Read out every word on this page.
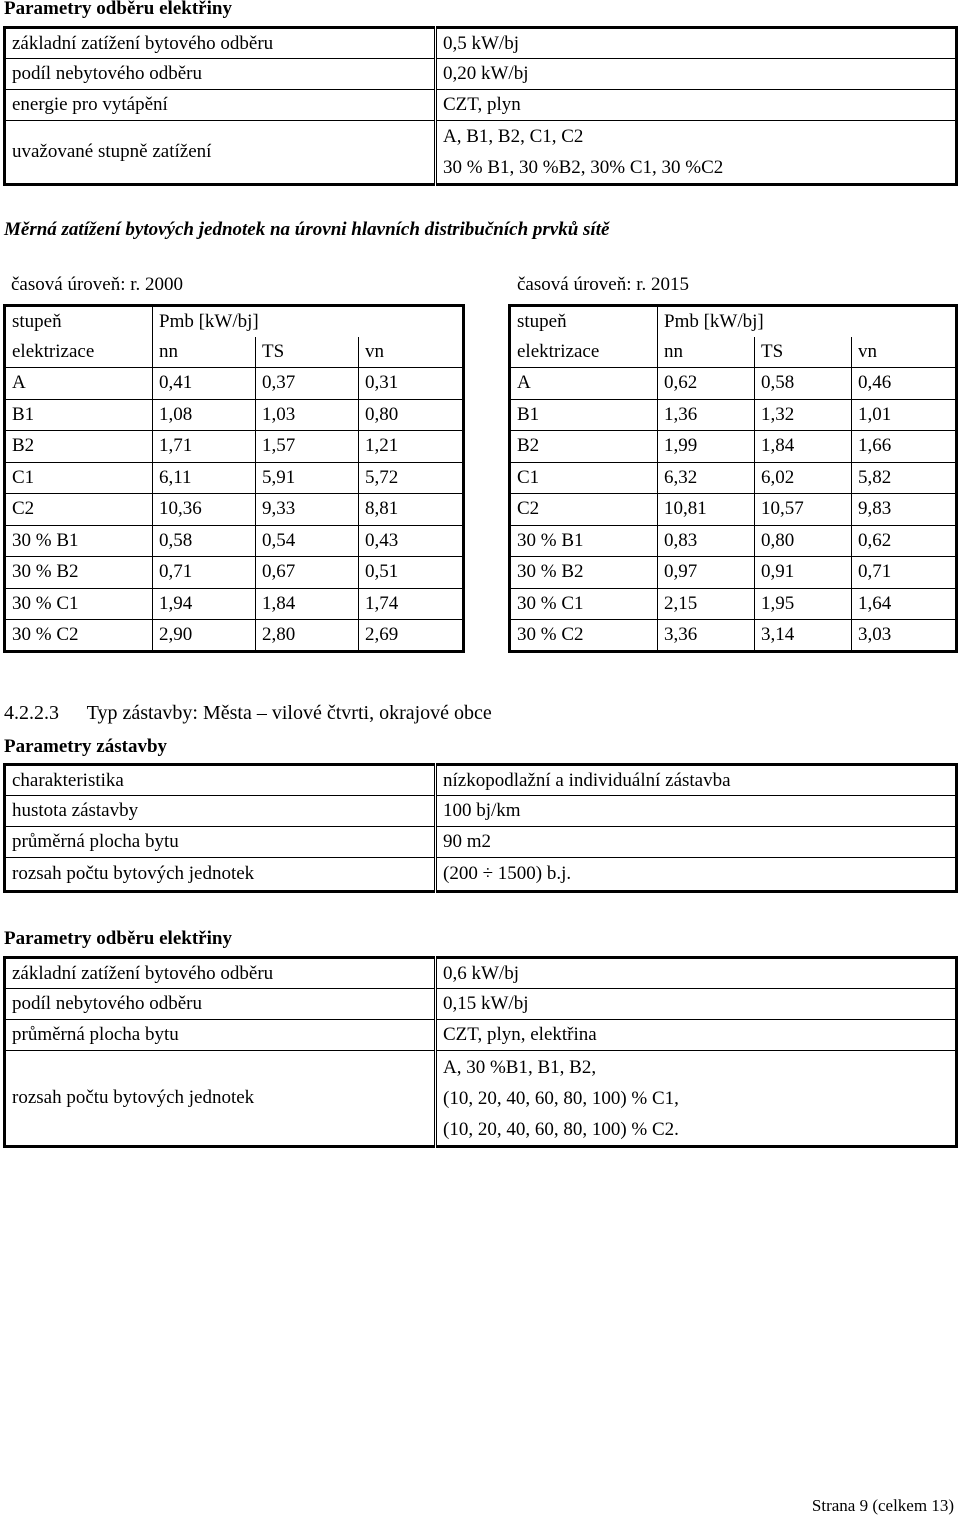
Parametry odběru elektřiny
základní zatížení bytového odběru	0,5 kW/bj
podíl nebytového odběru	0,20 kW/bj
energie pro vytápění	CZT, plyn
uvažované stupně zatížení	A, B1, B2, C1, C2
30 % B1, 30 %B2, 30% C1, 30 %C2
Měrná zatížení bytových jednotek na úrovni hlavních distribučních prvků sítě
časová úroveň: r. 2000
stupeň	Pmb [kW/bj]		
elektrizace	nn	TS	vn
A	0,41	0,37	0,31
B1	1,08	1,03	0,80
B2	1,71	1,57	1,21
C1	6,11	5,91	5,72
C2	10,36	9,33	8,81
30 % B1	0,58	0,54	0,43
30 % B2	0,71	0,67	0,51
30 % C1	1,94	1,84	1,74
30 % C2	2,90	2,80	2,69
časová úroveň: r. 2015
stupeň	Pmb [kW/bj]		
elektrizace	nn	TS	vn
A	0,62	0,58	0,46
B1	1,36	1,32	1,01
B2	1,99	1,84	1,66
C1	6,32	6,02	5,82
C2	10,81	10,57	9,83
30 % B1	0,83	0,80	0,62
30 % B2	0,97	0,91	0,71
30 % C1	2,15	1,95	1,64
30 % C2	3,36	3,14	3,03
4.2.2.3 Typ zástavby: Města – vilové čtvrti, okrajové obce
Parametry zástavby
charakteristika	nízkopodlažní a individuální zástavba
hustota zástavby	100 bj/km
průměrná plocha bytu	90 m2
rozsah počtu bytových jednotek	(200 ÷ 1500) b.j.
Parametry odběru elektřiny
základní zatížení bytového odběru	0,6 kW/bj
podíl nebytového odběru	0,15 kW/bj
průměrná plocha bytu	CZT, plyn, elektřina
rozsah počtu bytových jednotek	A, 30 %B1, B1, B2,
(10, 20, 40, 60, 80, 100) % C1,
(10, 20, 40, 60, 80, 100) % C2.
Strana 9 (celkem 13)
